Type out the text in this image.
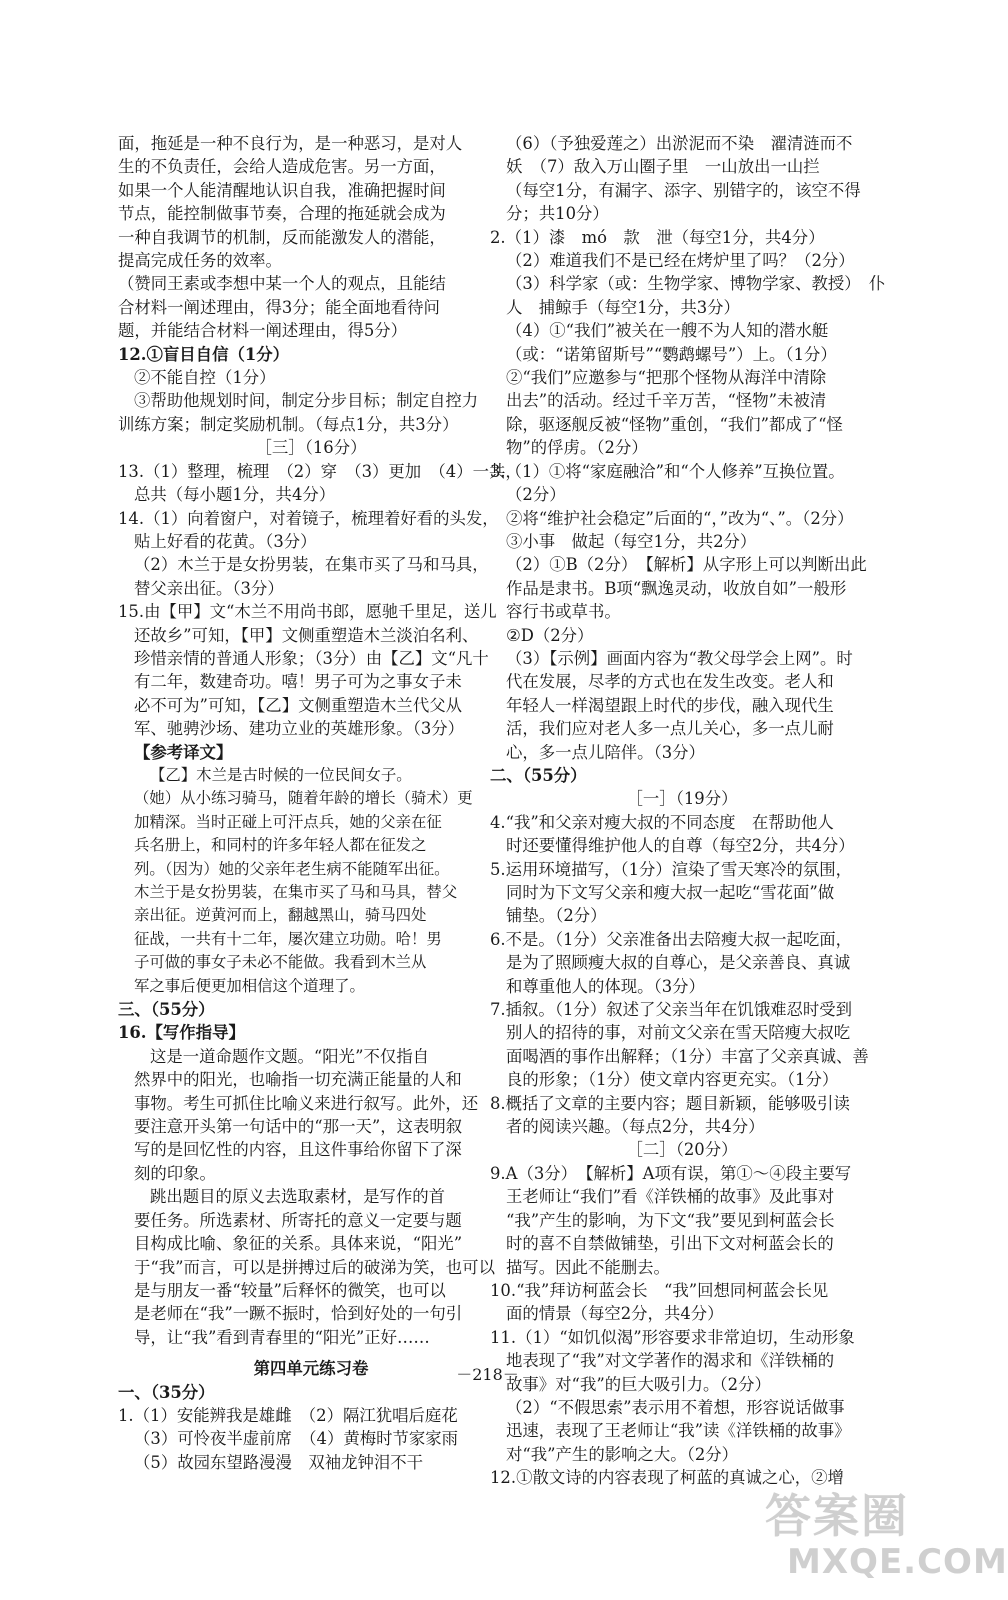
面，拖延是一种不良行为，是一种恶习，是对人
生的不负责任，会给人造成危害。另一方面，
如果一个人能清醒地认识自我，准确把握时间
节点，能控制做事节奏，合理的拖延就会成为
一种自我调节的机制，反而能激发人的潜能，
提高完成任务的效率。
（赞同王素或李想中某一个人的观点，且能结
合材料一阐述理由，得3分；能全面地看待问
题，并能结合材料一阐述理由，得5分）
12.①盲目自信（1分）
②不能自控（1分）
③帮助他规划时间，制定分步目标；制定自控力
训练方案；制定奖励机制。（每点1分，共3分）
［三］（16分）
13.（1）整理，梳理　（2）穿　（3）更加　（4）一共，
总共（每小题1分，共4分）
14.（1）向着窗户，对着镜子，梳理着好看的头发，
贴上好看的花黄。（3分）
（2）木兰于是女扮男装，在集市买了马和马具，
替父亲出征。（3分）
15.由【甲】文“木兰不用尚书郎，愿驰千里足，送儿
还故乡”可知，【甲】文侧重塑造木兰淡泊名利、
珍惜亲情的普通人形象；（3分）由【乙】文“凡十
有二年，数建奇功。嘻！男子可为之事女子未
必不可为”可知，【乙】文侧重塑造木兰代父从
军、驰骋沙场、建功立业的英雄形象。（3分）
【参考译文】
【乙】木兰是古时候的一位民间女子。
（她）从小练习骑马，随着年龄的增长（骑术）更
加精深。当时正碰上可汗点兵，她的父亲在征
兵名册上，和同村的许多年轻人都在征发之
列。（因为）她的父亲年老生病不能随军出征。
木兰于是女扮男装，在集市买了马和马具，替父
亲出征。逆黄河而上，翻越黑山，骑马四处
征战，一共有十二年，屡次建立功勋。哈！男
子可做的事女子未必不能做。我看到木兰从
军之事后便更加相信这个道理了。
三、（55分）
16.【写作指导】
这是一道命题作文题。“阳光”不仅指自
然界中的阳光，也喻指一切充满正能量的人和
事物。考生可抓住比喻义来进行叙写。此外，还
要注意开头第一句话中的“那一天”，这表明叙
写的是回忆性的内容，且这件事给你留下了深
刻的印象。
跳出题目的原义去选取素材，是写作的首
要任务。所选素材、所寄托的意义一定要与题
目构成比喻、象征的关系。具体来说，“阳光”
于“我”而言，可以是拼搏过后的破涕为笑，也可以
是与朋友一番“较量”后释怀的微笑，也可以
是老师在“我”一蹶不振时，恰到好处的一句引
导，让“我”看到青春里的“阳光”正好……
第四单元练习卷
一、（35分）
1.（1）安能辨我是雄雌　（2）隔江犹唱后庭花
（3）可怜夜半虚前席　（4）黄梅时节家家雨
（5）故园东望路漫漫　双袖龙钟泪不干
（6）（予独爱莲之）出淤泥而不染　濯清涟而不
妖　（7）敌入万山圈子里　一山放出一山拦
（每空1分，有漏字、添字、别错字的，该空不得
分；共10分）
2.（1）漆　mó　款　泄（每空1分，共4分）
（2）难道我们不是已经在烤炉里了吗？（2分）
（3）科学家（或：生物学家、博物学家、教授）　仆
人　捕鲸手（每空1分，共3分）
（4）①“我们”被关在一艘不为人知的潜水艇
（或：“诺第留斯号”“鹦鹉螺号”）上。（1分）
②“我们”应邀参与“把那个怪物从海洋中清除
出去”的活动。经过千辛万苦，“怪物”未被清
除，驱逐舰反被“怪物”重创，“我们”都成了“怪
物”的俘虏。（2分）
3.（1）①将“家庭融洽”和“个人修养”互换位置。
（2分）
②将“维护社会稳定”后面的“，”改为“、”。（2分）
③小事　做起（每空1分，共2分）
（2）①B（2分）　【解析】从字形上可以判断出此
作品是隶书。B项“飘逸灵动，收放自如”一般形
容行书或草书。
②D（2分）
（3）【示例】画面内容为“教父母学会上网”。时
代在发展，尽孝的方式也在发生改变。老人和
年轻人一样渴望跟上时代的步伐，融入现代生
活，我们应对老人多一点儿关心，多一点儿耐
心，多一点儿陪伴。（3分）
二、（55分）
［一］（19分）
4.“我”和父亲对瘦大叔的不同态度　在帮助他人
时还要懂得维护他人的自尊（每空2分，共4分）
5.运用环境描写，（1分）渲染了雪天寒冷的氛围，
同时为下文写父亲和瘦大叔一起吃“雪花面”做
铺垫。（2分）
6.不是。（1分）父亲准备出去陪瘦大叔一起吃面，
是为了照顾瘦大叔的自尊心，是父亲善良、真诚
和尊重他人的体现。（3分）
7.插叙。（1分）叙述了父亲当年在饥饿难忍时受到
别人的招待的事，对前文父亲在雪天陪瘦大叔吃
面喝酒的事作出解释；（1分）丰富了父亲真诚、善
良的形象；（1分）使文章内容更充实。（1分）
8.概括了文章的主要内容；题目新颖，能够吸引读
者的阅读兴趣。（每点2分，共4分）
［二］（20分）
9.A（3分）　【解析】A项有误，第①～④段主要写
王老师让“我们”看《洋铁桶的故事》及此事对
“我”产生的影响，为下文“我”要见到柯蓝会长
时的喜不自禁做铺垫，引出下文对柯蓝会长的
描写。因此不能删去。
10.“我”拜访柯蓝会长　“我”回想同柯蓝会长见
面的情景（每空2分，共4分）
11.（1）“如饥似渴”形容要求非常迫切，生动形象
地表现了“我”对文学著作的渴求和《洋铁桶的
故事》对“我”的巨大吸引力。（2分）
（2）“不假思索”表示用不着想，形容说话做事
迅速，表现了王老师让“我”读《洋铁桶的故事》
对“我”产生的影响之大。（2分）
12.①散文诗的内容表现了柯蓝的真诚之心，②增
－218－
答案圈
MXQE.COM
